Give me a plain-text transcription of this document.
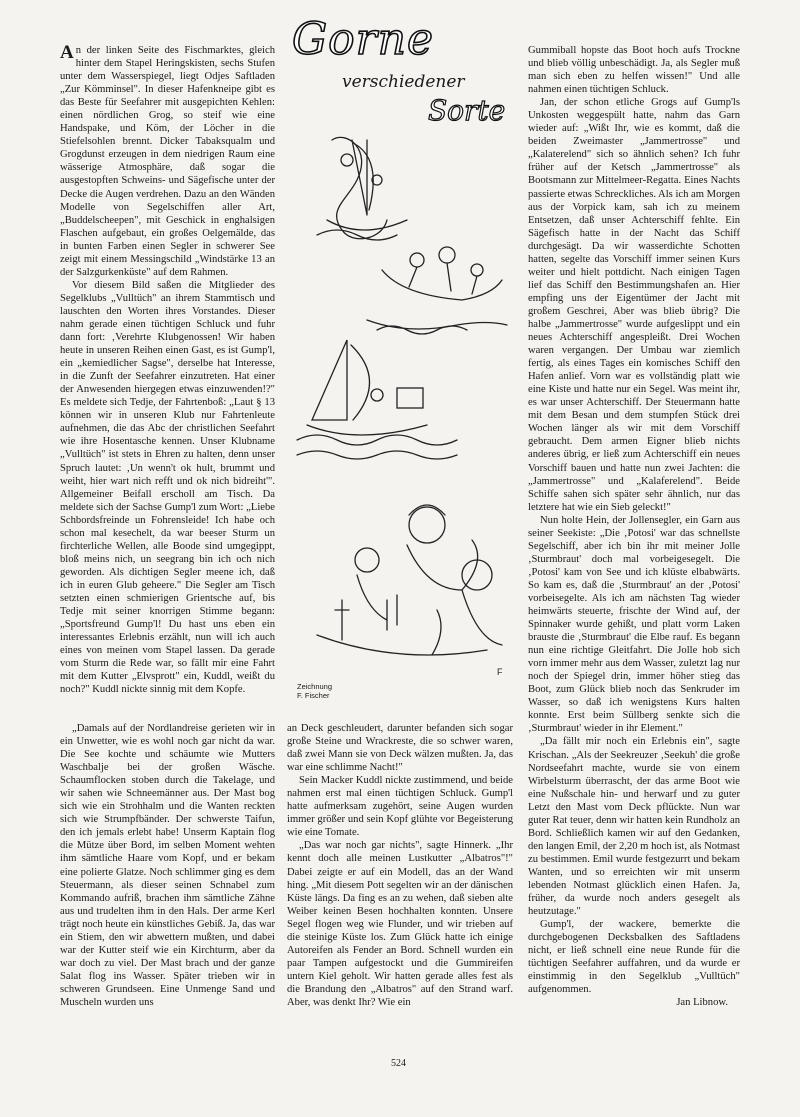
Gorne
verschiedener
Sorte
F
Zeichnung
F. Fischer

An der linken Seite des Fischmarktes, gleich hinter dem Stapel Heringskisten, sechs Stufen unter dem Wasserspiegel, liegt Odjes Saftladen „Zur Kömminsel". In dieser Hafenkneipe gibt es das Beste für Seefahrer mit ausgepichten Kehlen: einen nördlichen Grog, so steif wie eine Handspake, und Köm, der Löcher in die Stiefelsohlen brennt. Dicker Tabaksqualm und Grogdunst erzeugen in dem niedrigen Raum eine wässerige Atmosphäre, daß sogar die ausgestopften Schweins- und Sägefische unter der Decke die Augen verdrehen. Dazu an den Wänden Modelle von Segelschiffen aller Art, „Buddelscheepen", mit Geschick in enghalsigen Flaschen aufgebaut, ein großes Oelgemälde, das in bunten Farben einen Segler in schwerer See zeigt mit einem Messingschild „Windstärke 13 an der Salzgurkenküste" auf dem Rahmen.

Vor diesem Bild saßen die Mitglieder des Segelklubs „Vulltüch" an ihrem Stammtisch und lauschten den Worten ihres Vorstandes. Dieser nahm gerade einen tüchtigen Schluck und fuhr dann fort: ‚Verehrte Klubgenossen! Wir haben heute in unseren Reihen einen Gast, es ist Gump'l, ein „kemiedlicher Sagse", derselbe hat Interesse, in die Zunft der Seefahrer einzutreten. Hat einer der Anwesenden hiergegen etwas einzuwenden!?" Es meldete sich Tedje, der Fahrtenboß: „Laut § 13 können wir in unseren Klub nur Fahrtenleute aufnehmen, die das Abc der christlichen Seefahrt wie ihre Hosentasche kennen. Unser Klubname „Vulltüch" ist stets in Ehren zu halten, denn unser Spruch lautet: ‚Un wenn't ok hult, brummt und weiht, hier wart nich refft und ok nich bidreiht'". Allgemeiner Beifall erscholl am Tisch. Da meldete sich der Sachse Gump'l zum Wort: „Liebe Schbordsfreinde un Fohrensleide! Ich habe och schon mal kesechelt, da war beeser Sturm un firchterliche Wellen, alle Boode sind umgegippt, bloß meins nich, un seegrang bin ich och nich geworden. Als dichtigen Segler meene ich, daß ich in euren Glub geheere." Die Segler am Tisch setzten einen schmierigen Grientsche auf, bis Tedje mit seiner knorrigen Stimme begann: „Sportsfreund Gump'l! Du hast uns eben ein interessantes Erlebnis erzählt, nun will ich auch eines von meinen vom Stapel lassen. Da gerade vom Sturm die Rede war, so fällt mir eine Fahrt mit dem Kutter „Elvsprott" ein, Kuddl, weißt du noch?" Kuddl nickte sinnig mit dem Kopfe.

„Damals auf der Nordlandreise gerieten wir in ein Unwetter, wie es wohl noch gar nicht da war. Die See kochte und schäumte wie Mutters Waschbalje bei der großen Wäsche. Schaumflocken stoben durch die Takelage, und wir sahen wie Schneemänner aus. Der Mast bog sich wie ein Strohhalm und die Wanten reckten sich wie Strumpfbänder. Der schwerste Taifun, den ich jemals erlebt habe! Unserm Kaptain flog die Mütze über Bord, im selben Moment wehten ihm sämtliche Haare vom Kopf, und er bekam eine polierte Glatze. Noch schlimmer ging es dem Steuermann, als dieser seinen Schnabel zum Kommando aufriß, brachen ihm sämtliche Zähne aus und trudelten ihm in den Hals. Der arme Kerl trägt noch heute ein künstliches Gebiß. Ja, das war ein Stiem, den wir abwettern mußten, und dabei war der Kutter steif wie ein Kirchturm, aber da war doch zu viel. Der Mast brach und der ganze Salat flog ins Wasser. Später trieben wir in schweren Grundseen. Eine Unmenge Sand und Muscheln wurden uns

an Deck geschleudert, darunter befanden sich sogar große Steine und Wrackreste, die so schwer waren, daß zwei Mann sie von Deck wälzen mußten. Ja, das war eine schlimme Nacht!"

Sein Macker Kuddl nickte zustimmend, und beide nahmen erst mal einen tüchtigen Schluck. Gump'l hatte aufmerksam zugehört, seine Augen wurden immer größer und sein Kopf glühte vor Begeisterung wie eine Tomate.

„Das war noch gar nichts", sagte Hinnerk. „Ihr kennt doch alle meinen Lustkutter „Albatros"!" Dabei zeigte er auf ein Modell, das an der Wand hing. „Mit diesem Pott segelten wir an der dänischen Küste längs. Da fing es an zu wehen, daß sieben alte Weiber keinen Besen hochhalten konnten. Unsere Segel flogen weg wie Flunder, und wir trieben auf die steinige Küste los. Zum Glück hatte ich einige Autoreifen als Fender an Bord. Schnell wurden ein paar Tampen aufgestockt und die Gummireifen untern Kiel geholt. Wir hatten gerade alles fest als die Brandung den „Albatros" auf den Strand warf. Aber, was denkt Ihr? Wie ein

Gummiball hopste das Boot hoch aufs Trockne und blieb völlig unbeschädigt. Ja, als Segler muß man sich eben zu helfen wissen!" Und alle nahmen einen tüchtigen Schluck.

Jan, der schon etliche Grogs auf Gump'ls Unkosten weggespült hatte, nahm das Garn wieder auf: „Wißt Ihr, wie es kommt, daß die beiden Zweimaster „Jammertrosse" und „Kalaterelend" sich so ähnlich sehen? Ich fuhr früher auf der Ketsch „Jammertrosse" als Bootsmann zur Mittelmeer-Regatta. Eines Nachts passierte etwas Schreckliches. Als ich am Morgen aus der Vorpick kam, sah ich zu meinem Entsetzen, daß unser Achterschiff fehlte. Ein Sägefisch hatte in der Nacht das Schiff durchgesägt. Da wir wasserdichte Schotten hatten, segelte das Vorschiff immer seinen Kurs weiter und hielt pottdicht. Nach einigen Tagen lief das Schiff den Bestimmungshafen an. Hier empfing uns der Eigentümer der Jacht mit großem Geschrei, Aber was blieb übrig? Die halbe „Jammertrosse" wurde aufgeslippt und ein neues Achterschiff angespleißt. Drei Wochen waren vergangen. Der Umbau war ziemlich fertig, als eines Tages ein komisches Schiff den Hafen anlief. Vorn war es vollständig platt wie eine Kiste und hatte nur ein Segel. Was meint ihr, es war unser Achterschiff. Der Steuermann hatte mit dem Besan und dem stumpfen Stück drei Wochen länger als wir mit dem Vorschiff gebraucht. Dem armen Eigner blieb nichts anderes übrig, er ließ zum Achterschiff ein neues Vorschiff bauen und hatte nun zwei Jachten: die „Jammertrosse" und „Kalaferelend". Beide Schiffe sahen sich später sehr ähnlich, nur das letztere hat wie ein Sieb geleckt!"

Nun holte Hein, der Jollensegler, ein Garn aus seiner Seekiste: „Die ‚Potosi' war das schnellste Segelschiff, aber ich bin ihr mit meiner Jolle ‚Sturmbraut' doch mal vorbeigesegelt. Die ‚Potosi' kam von See und ich klüste elbabwärts. So kam es, daß die ‚Sturmbraut' an der ‚Potosi' vorbeisegelte. Als ich am nächsten Tag wieder heimwärts steuerte, frischte der Wind auf, der Spinnaker wurde gehißt, und platt vorm Laken brauste die ‚Sturmbraut' die Elbe rauf. Es begann nun eine richtige Gleitfahrt. Die Jolle hob sich vorn immer mehr aus dem Wasser, zuletzt lag nur noch der Spiegel drin, immer höher stieg das Boot, zum Glück blieb noch das Senkruder im Wasser, so daß ich wenigstens Kurs halten konnte. Erst beim Süllberg senkte sich die ‚Sturmbraut' wieder in ihr Element."

„Da fällt mir noch ein Erlebnis ein", sagte Krischan. „Als der Seekreuzer ‚Seekuh' die große Nordseefahrt machte, wurde sie von einem Wirbelsturm überrascht, der das arme Boot wie eine Nußschale hin- und herwarf und zu guter Letzt den Mast vom Deck pflückte. Nun war guter Rat teuer, denn wir hatten kein Rundholz an Bord. Schließlich kamen wir auf den Gedanken, den langen Emil, der 2,20 m hoch ist, als Notmast zu bestimmen. Emil wurde festgezurrt und bekam Wanten, und so erreichten wir mit unserm lebenden Notmast glücklich einen Hafen. Ja, früher, da wurde noch anders gesegelt als heutzutage."

Gump'l, der wackere, bemerkte die durchgebogenen Decksbalken des Saftladens nicht, er ließ schnell eine neue Runde für die tüchtigen Seefahrer auffahren, und da wurde er einstimmig in den Segelklub „Vulltüch" aufgenommen.

Jan Libnow.
524
